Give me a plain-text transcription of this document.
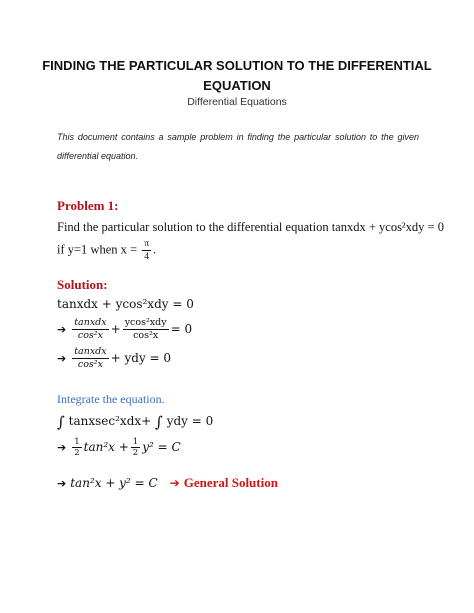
FINDING THE PARTICULAR SOLUTION TO THE DIFFERENTIAL
EQUATION
Differential Equations
This document contains a sample problem in finding the particular solution to the given differential equation.
Problem 1:
Find the particular solution to the differential equation tanxdx + ycos²xdy = 0
if y=1 when $x = \frac{\pi}{4}$ .
Solution:
tanxdx + ycos²xdy = 0
➔ $\frac{\text{tanxdx}}{\text{cos²x}} + \frac{\text{ycos²xdy}}{\text{cos²x}} = 0$
➔ $\frac{\text{tanxdx}}{\text{cos²x}}$ + ydy = 0
Integrate the equation.
∫ tanxsec²xdx+ ∫ ydy = 0
➔ $\frac{1}{2} \tan^2x + \frac{1}{2} y^2 = C$
➔ tan²x + y² = C ➔ General Solution
